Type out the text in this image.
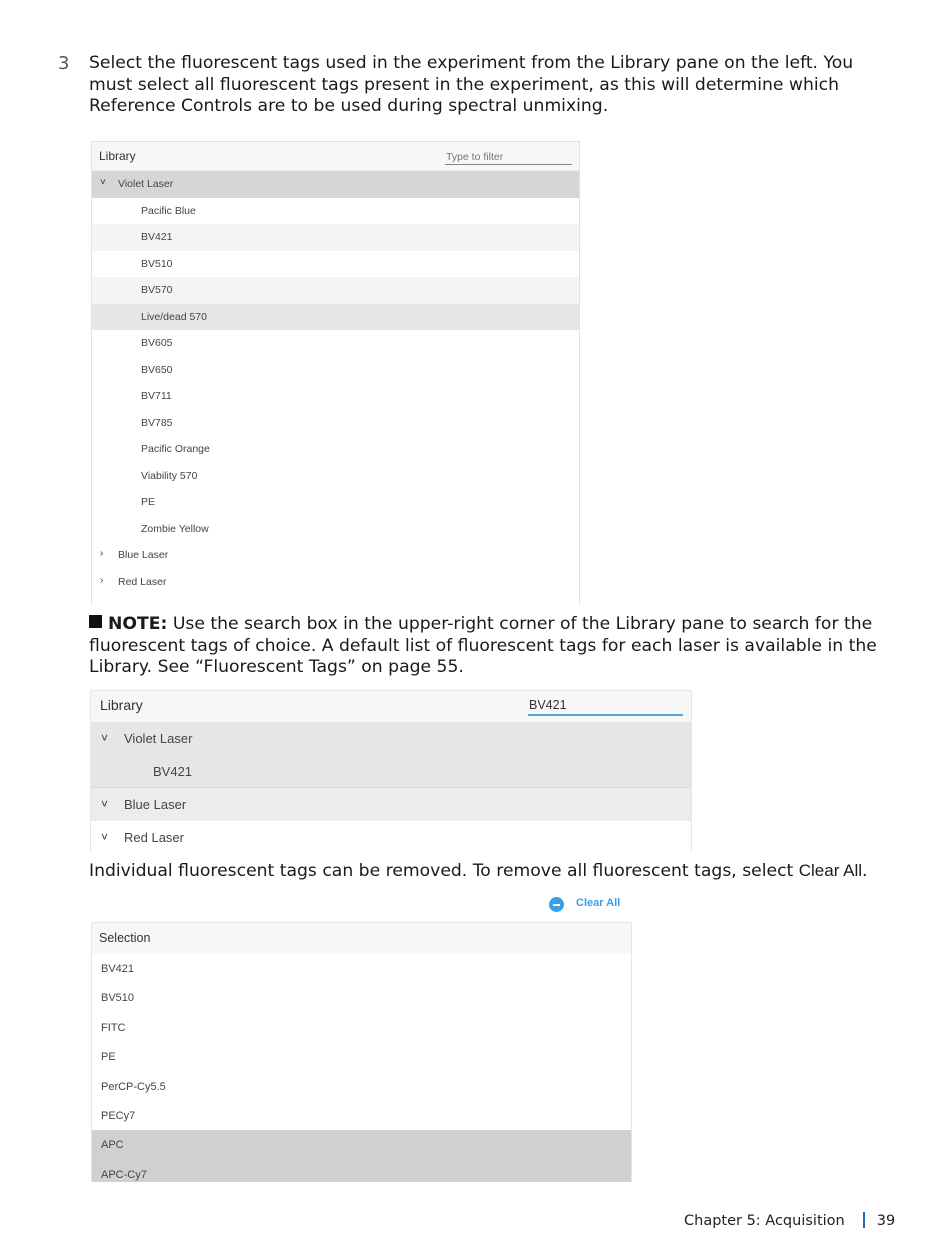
3 Select the fluorescent tags used in the experiment from the Library pane on the left. You must select all fluorescent tags present in the experiment, as this will determine which Reference Controls are to be used during spectral unmixing.
Library
Type to filter
˅ Violet Laser
Pacific Blue
BV421
BV510
BV570
Live/dead 570
BV605
BV650
BV711
BV785
Pacific Orange
Viability 570
PE
Zombie Yellow
› Blue Laser
› Red Laser
NOTE: Use the search box in the upper-right corner of the Library pane to search for the fluorescent tags of choice. A default list of fluorescent tags for each laser is available in the Library. See “Fluorescent Tags” on page 55.
Library
BV421
˅ Violet Laser
BV421
˅ Blue Laser
˅ Red Laser
Individual fluorescent tags can be removed. To remove all fluorescent tags, select Clear All.
Clear All
Selection
BV421
BV510
FITC
PE
PerCP-Cy5.5
PECy7
APC
APC-Cy7
Chapter 5: Acquisition 39
